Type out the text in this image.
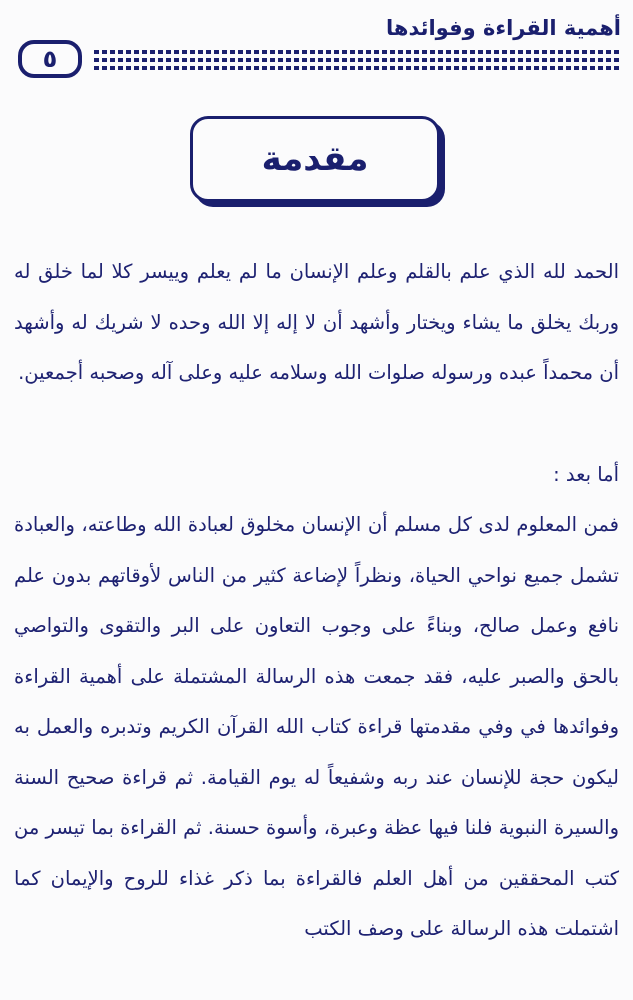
أهمية القراءة وفوائدها
٥
مقدمة
الحمد لله الذي علم بالقلم وعلم الإنسان ما لم يعلم وييسر كلا لما خلق له وربك يخلق ما يشاء ويختار وأشهد أن لا إله إلا الله وحده لا شريك له وأشهد أن محمداً عبده ورسوله صلوات الله وسلامه عليه وعلى آله وصحبه أجمعين.
أما بعد :
فمن المعلوم لدى كل مسلم أن الإنسان مخلوق لعبادة الله وطاعته، والعبادة تشمل جميع نواحي الحياة، ونظراً لإضاعة كثير من الناس لأوقاتهم بدون علم نافع وعمل صالح، وبناءً على وجوب التعاون على البر والتقوى والتواصي بالحق والصبر عليه، فقد جمعت هذه الرسالة المشتملة على أهمية القراءة وفوائدها في وفي مقدمتها قراءة كتاب الله القرآن الكريم وتدبره والعمل به ليكون حجة للإنسان عند ربه وشفيعاً له يوم القيامة. ثم قراءة صحيح السنة والسيرة النبوية فلنا فيها عظة وعبرة، وأسوة حسنة. ثم القراءة بما تيسر من كتب المحققين من أهل العلم فالقراءة بما ذكر غذاء للروح والإيمان كما اشتملت هذه الرسالة على وصف الكتب
